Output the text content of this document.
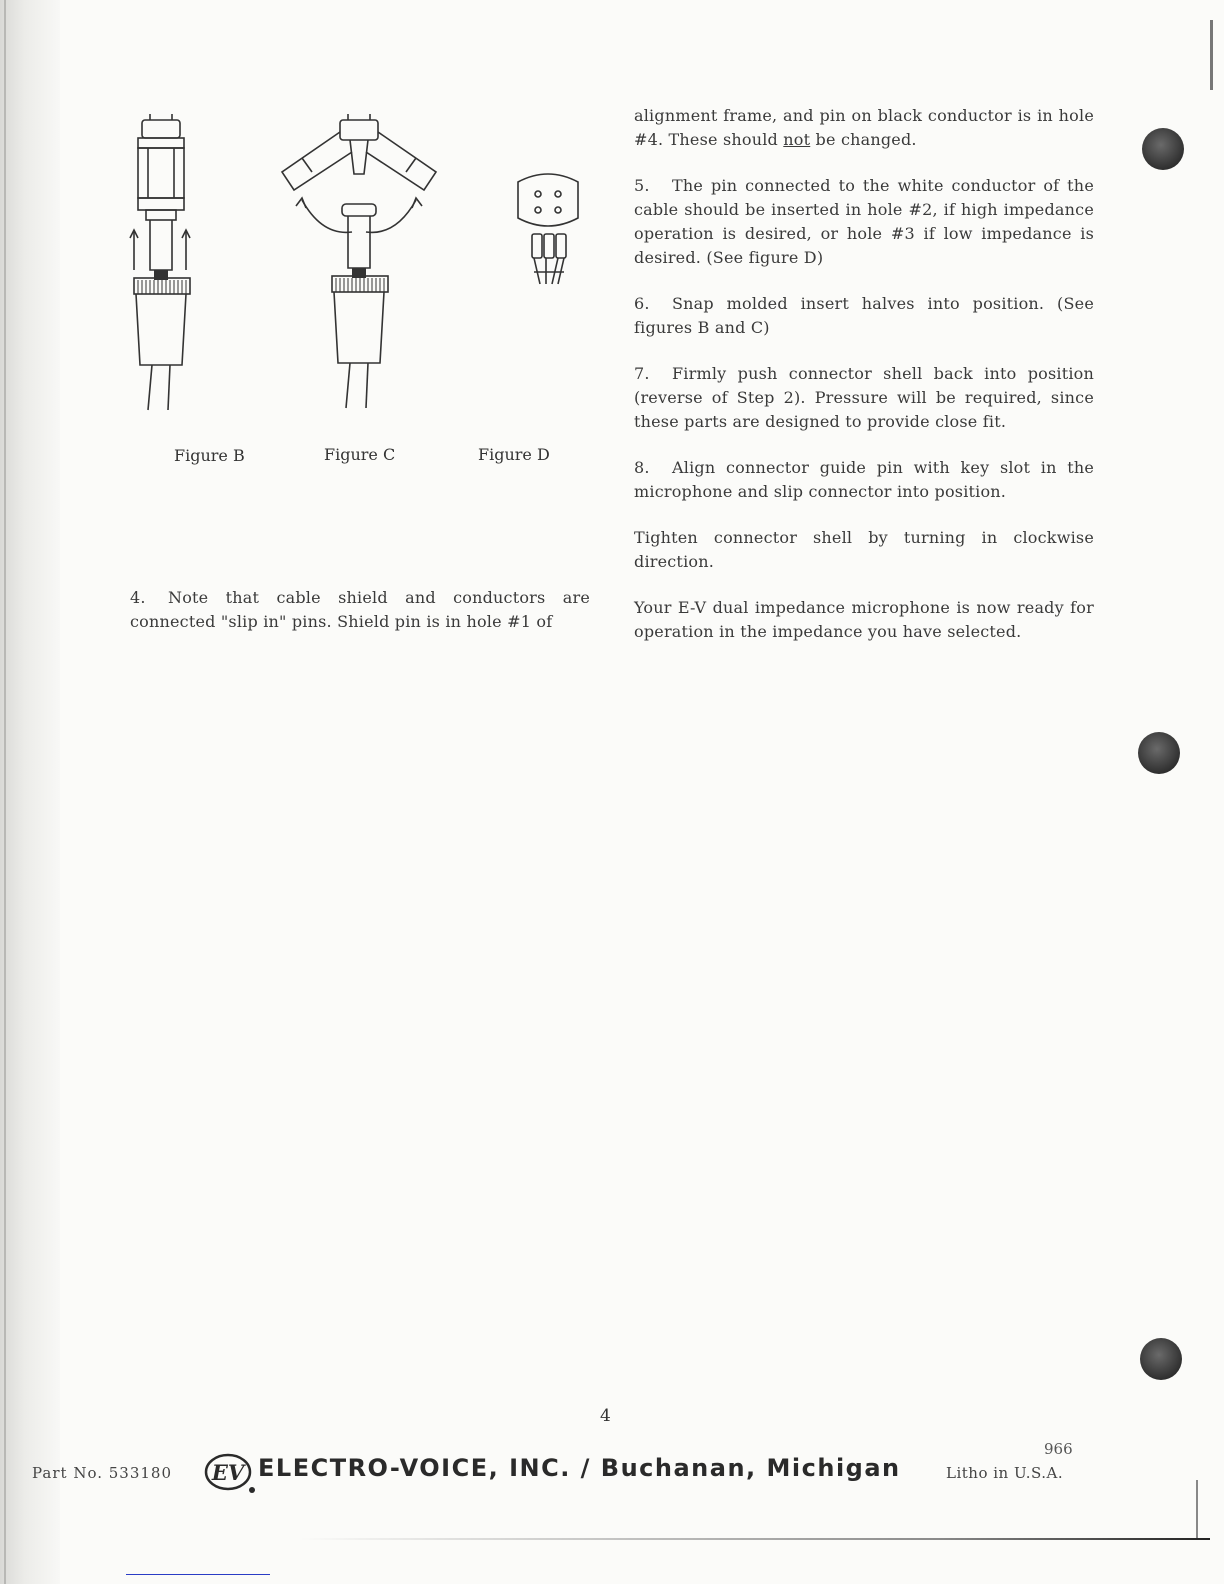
Figure B	Figure C	Figure D

alignment frame, and pin on black conductor is in hole #4. These should not be changed.

5. The pin connected to the white conductor of the cable should be inserted in hole #2, if high impedance operation is desired, or hole #3 if low impedance is desired. (See figure D)

6. Snap molded insert halves into position. (See figures B and C)

7. Firmly push connector shell back into position (reverse of Step 2). Pressure will be required, since these parts are designed to provide close fit.

8. Align connector guide pin with key slot in the microphone and slip connector into position.

Tighten connector shell by turning in clockwise direction.

Your E-V dual impedance microphone is now ready for operation in the impedance you have selected.

4. Note that cable shield and conductors are connected "slip in" pins. Shield pin is in hole #1 of

4
Part No. 533180 EV ELECTRO-VOICE, INC. / Buchanan, Michigan
966
Litho in U.S.A.
